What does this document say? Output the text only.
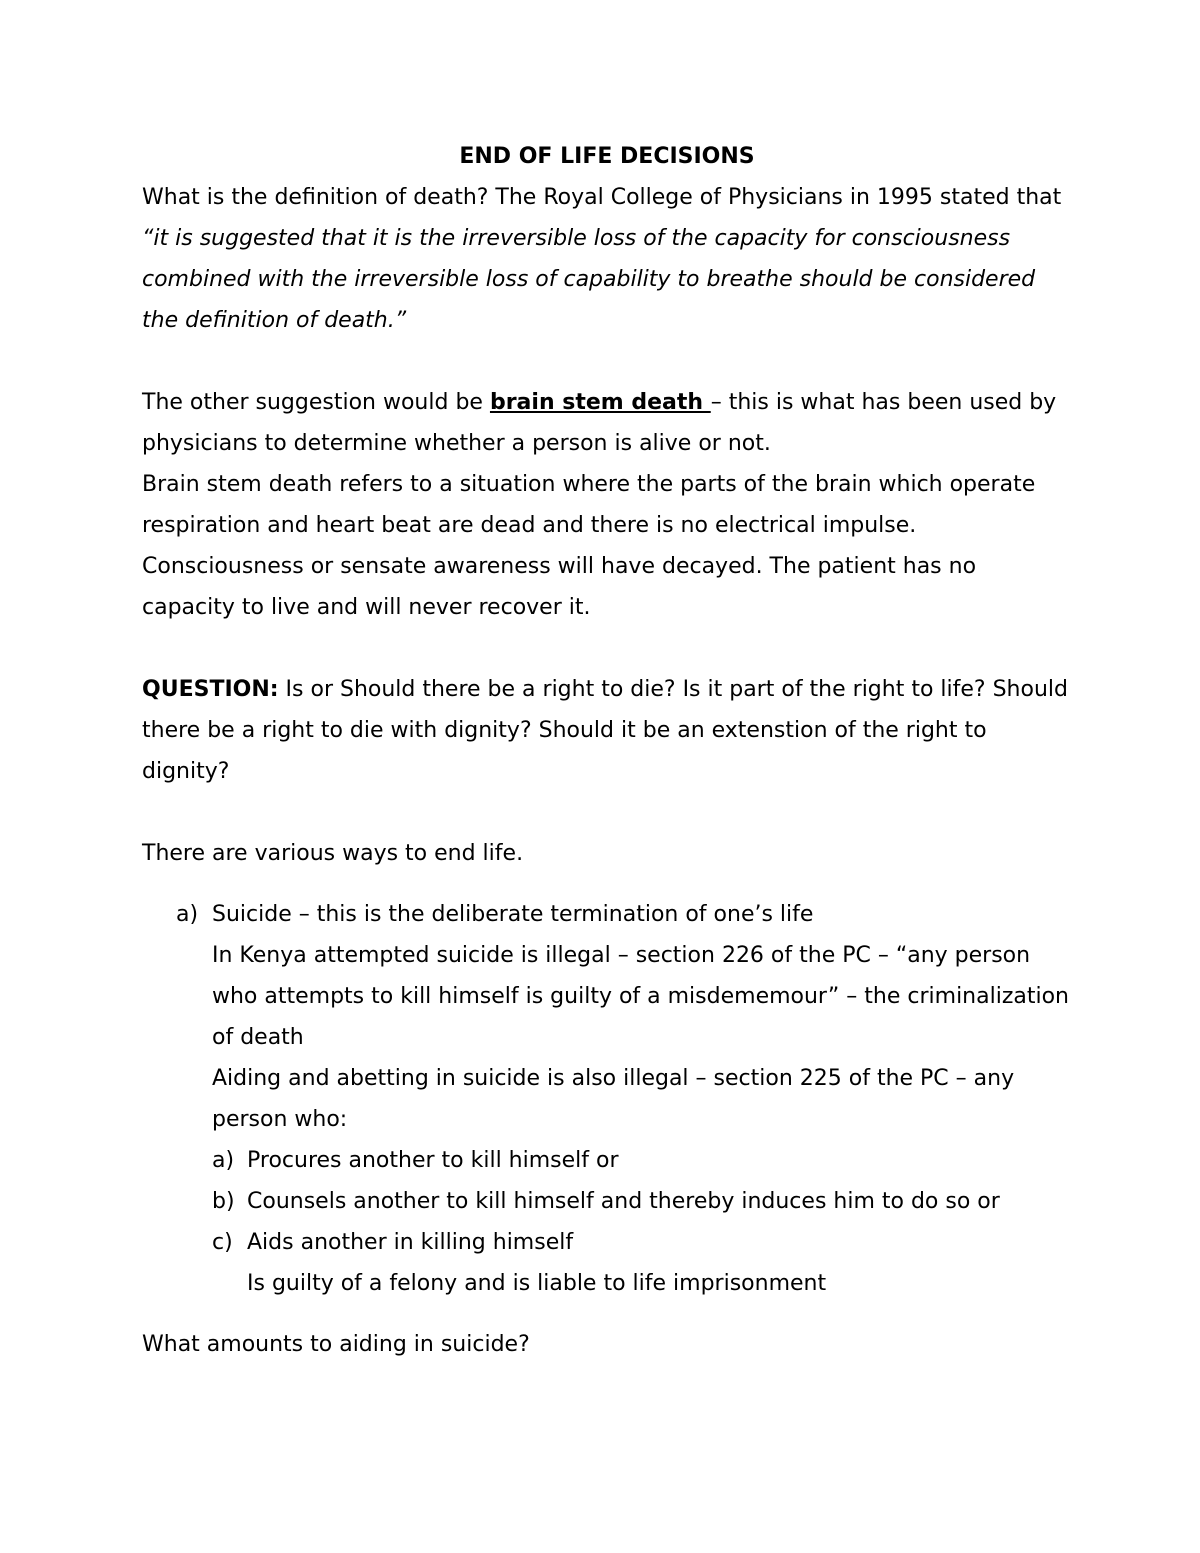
END OF LIFE DECISIONS

What is the definition of death? The Royal College of Physicians in 1995 stated that “it is suggested that it is the irreversible loss of the capacity for consciousness combined with the irreversible loss of capability to breathe should be considered the definition of death.”

The other suggestion would be brain stem death – this is what has been used by physicians to determine whether a person is alive or not.

Brain stem death refers to a situation where the parts of the brain which operate respiration and heart beat are dead and there is no electrical impulse. Consciousness or sensate awareness will have decayed. The patient has no capacity to live and will never recover it.

QUESTION: Is or Should there be a right to die? Is it part of the right to life? Should there be a right to die with dignity? Should it be an extenstion of the right to dignity?

There are various ways to end life.

a) Suicide – this is the deliberate termination of one’s life

In Kenya attempted suicide is illegal – section 226 of the PC – “any person who attempts to kill himself is guilty of a misdememour” – the criminalization of death

Aiding and abetting in suicide is also illegal – section 225 of the PC – any person who:

a) Procures another to kill himself or

b) Counsels another to kill himself and thereby induces him to do so or

c) Aids another in killing himself

Is guilty of a felony and is liable to life imprisonment

What amounts to aiding in suicide?
